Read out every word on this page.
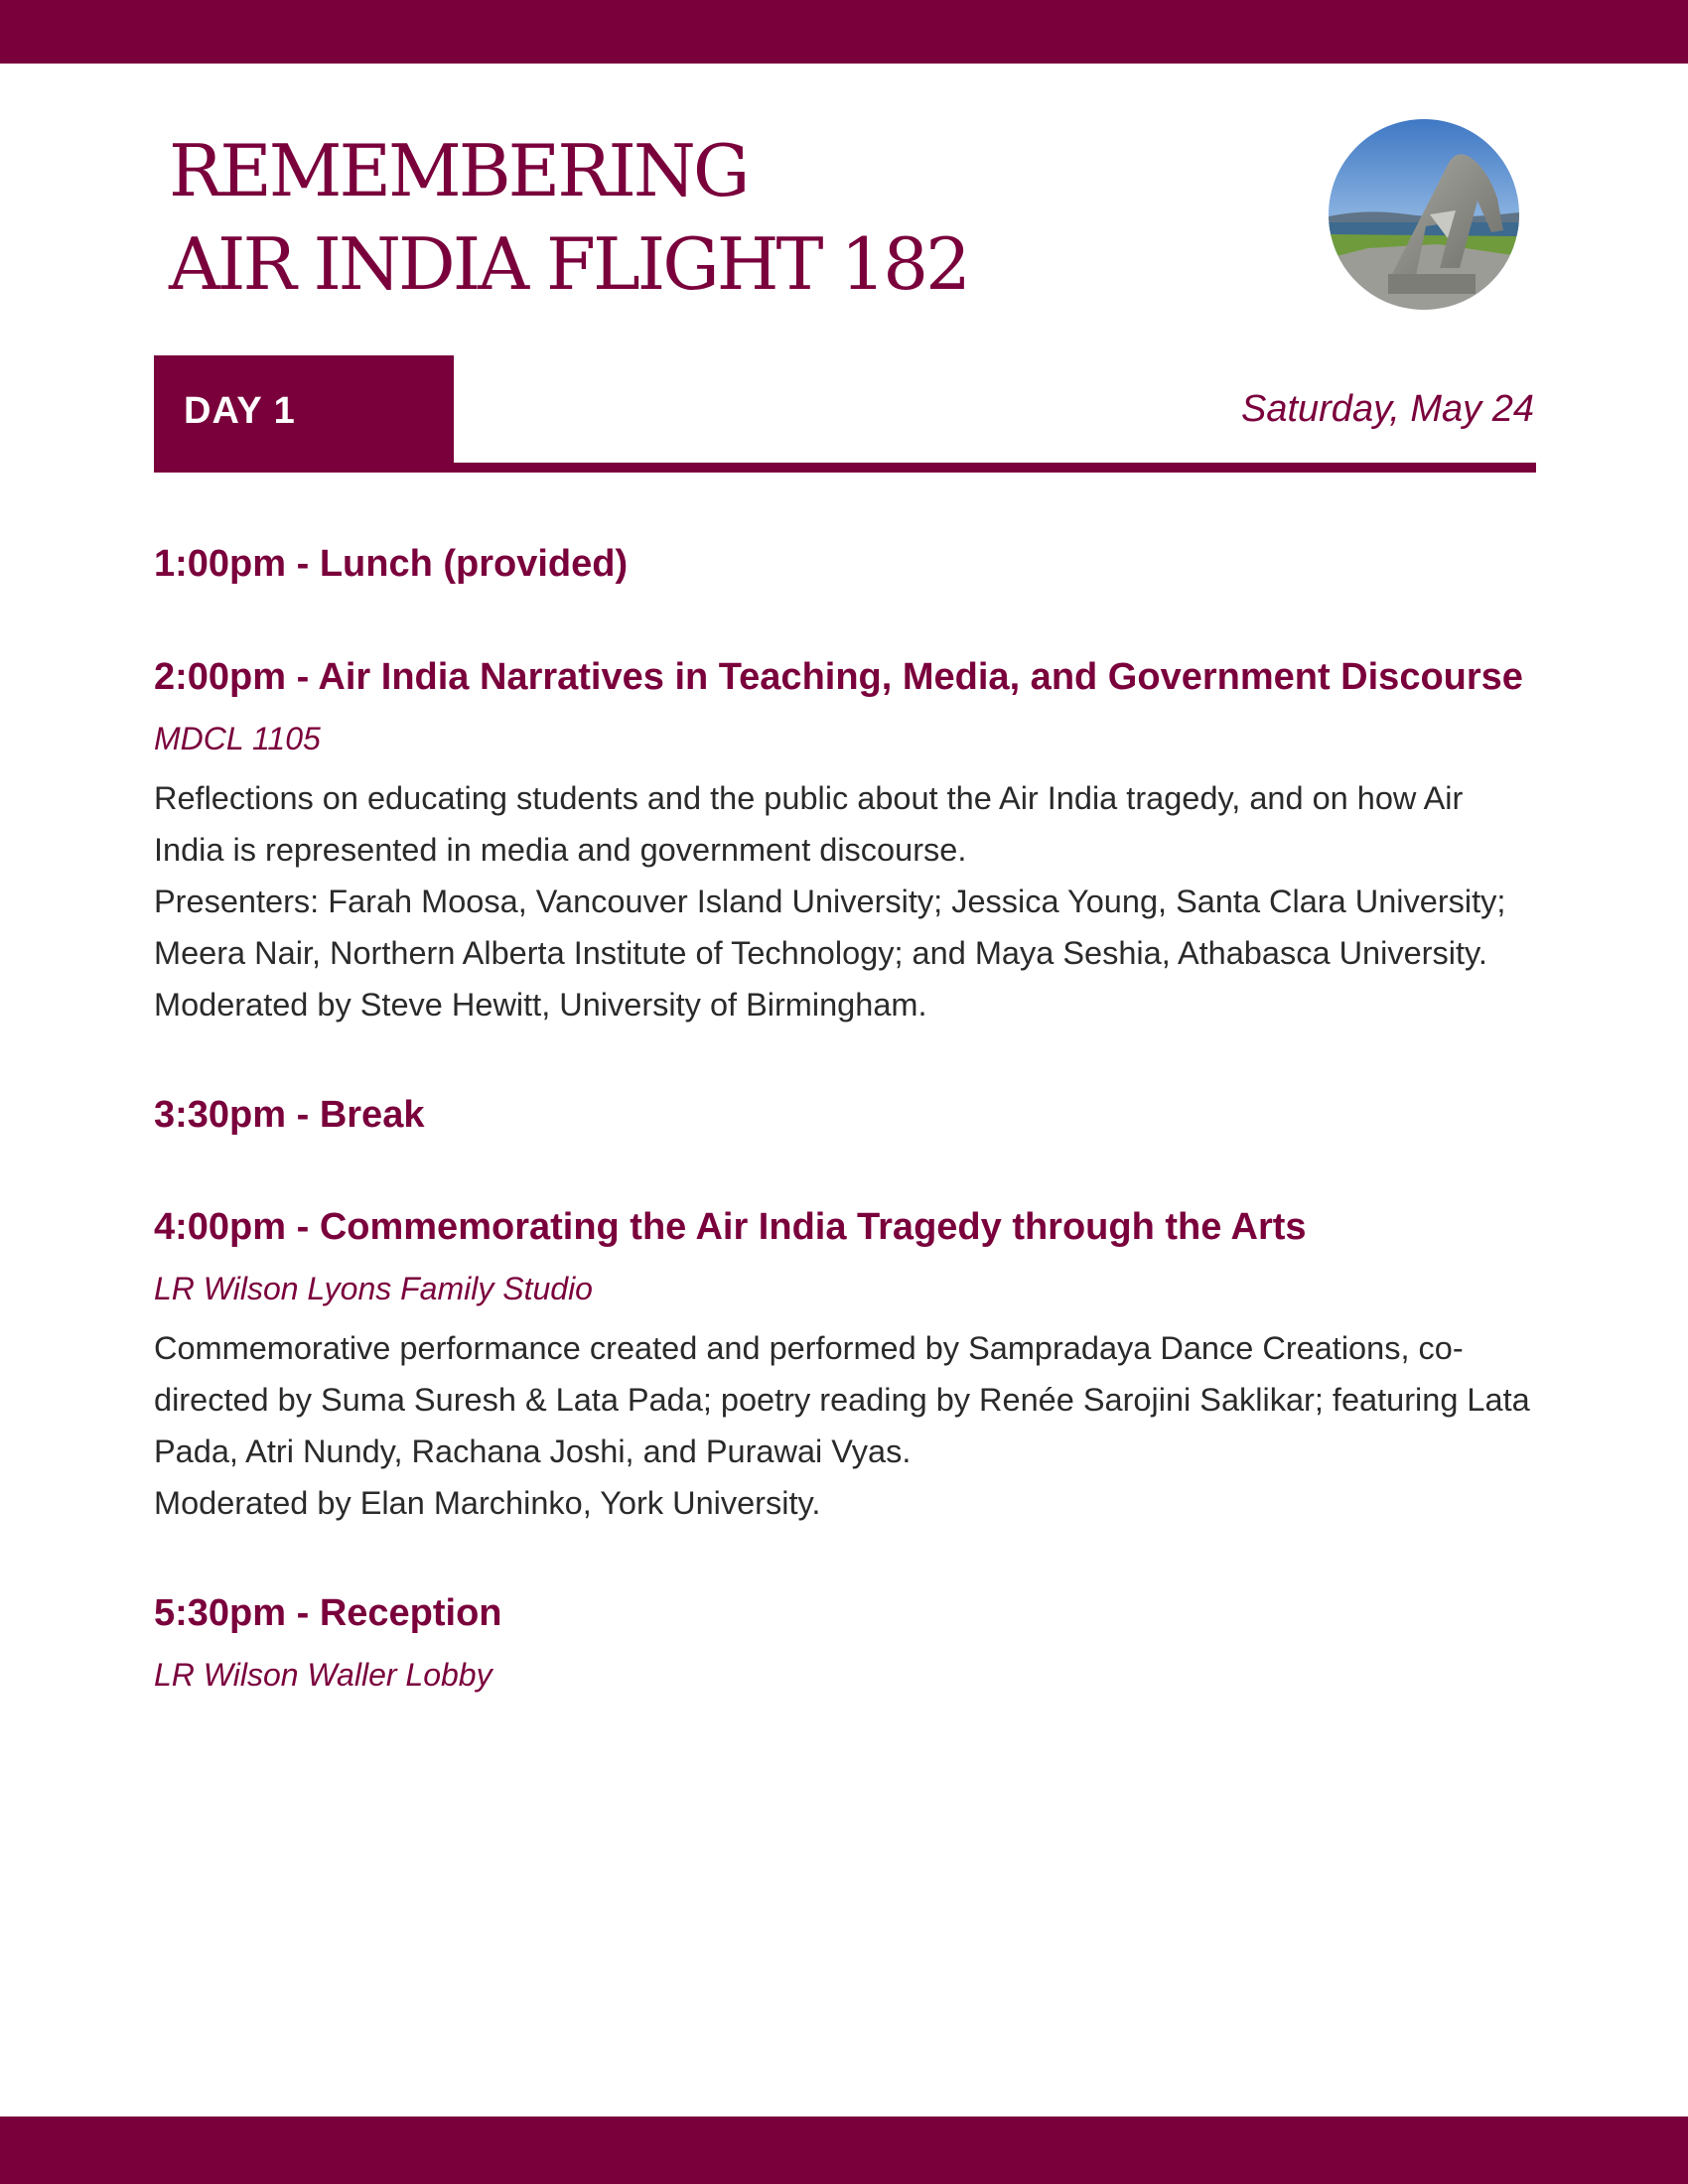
REMEMBERING
AIR INDIA FLIGHT 182
DAY 1	Saturday, May 24

1:00pm - Lunch (provided)

2:00pm - Air India Narratives in Teaching, Media, and Government Discourse

MDCL 1105

Reflections on educating students and the public about the Air India tragedy, and on how Air India is represented in media and government discourse.

Presenters: Farah Moosa, Vancouver Island University; Jessica Young, Santa Clara University; Meera Nair, Northern Alberta Institute of Technology; and Maya Seshia, Athabasca University.

Moderated by Steve Hewitt, University of Birmingham.

3:30pm - Break

4:00pm - Commemorating the Air India Tragedy through the Arts

LR Wilson Lyons Family Studio

Commemorative performance created and performed by Sampradaya Dance Creations, co-directed by Suma Suresh & Lata Pada; poetry reading by Renée Sarojini Saklikar; featuring Lata Pada, Atri Nundy, Rachana Joshi, and Purawai Vyas.

Moderated by Elan Marchinko, York University.

5:30pm - Reception

LR Wilson Waller Lobby
